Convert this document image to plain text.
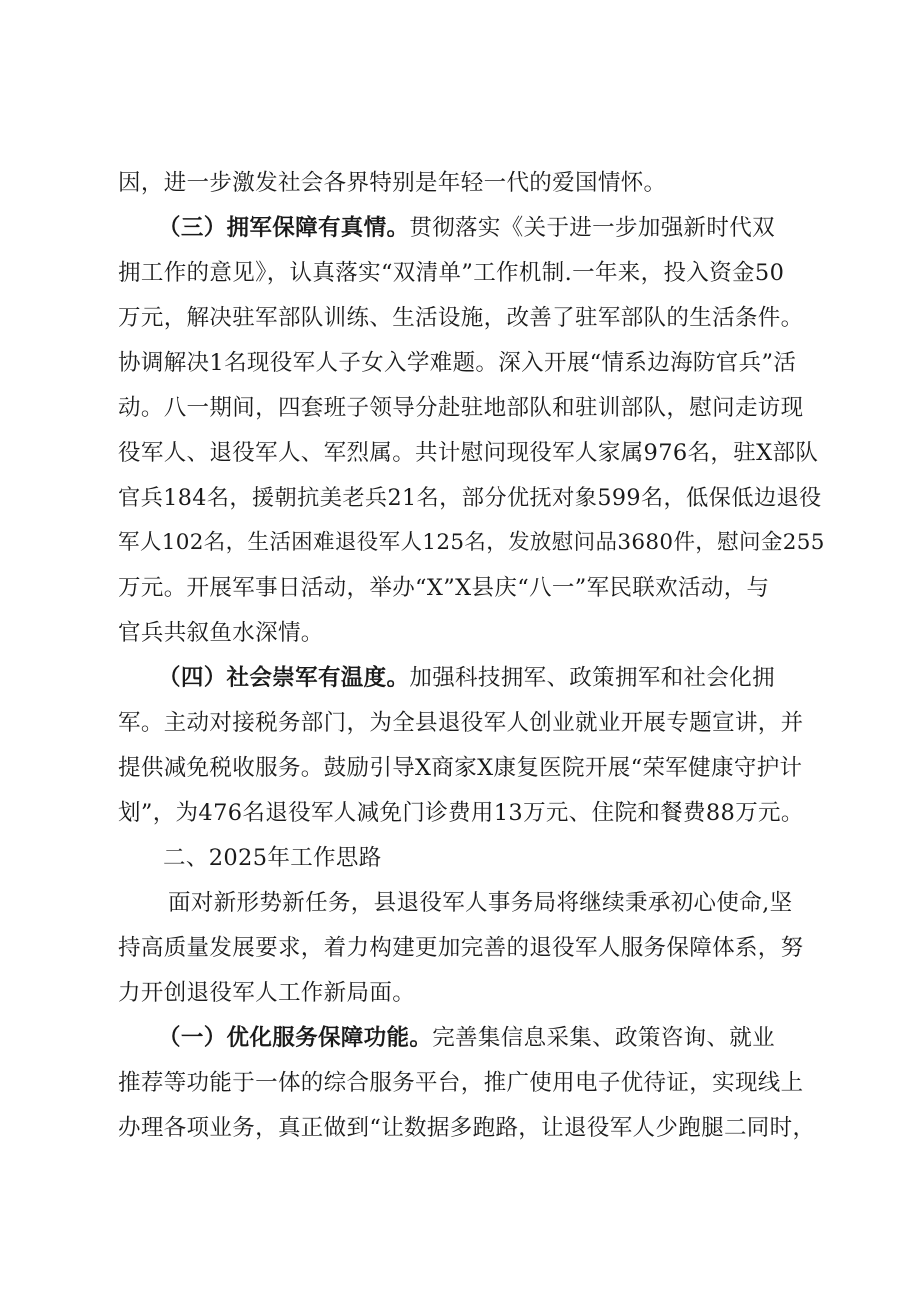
因，进一步激发社会各界特别是年轻一代的爱国情怀。
（三）拥军保障有真情。贯彻落实《关于进一步加强新时代双
拥工作的意见》，认真落实“双清单”工作机制.一年来，投入资金50
万元，解决驻军部队训练、生活设施，改善了驻军部队的生活条件。
协调解决1名现役军人子女入学难题。深入开展“情系边海防官兵”活
动。八一期间，四套班子领导分赴驻地部队和驻训部队，慰问走访现
役军人、退役军人、军烈属。共计慰问现役军人家属976名，驻X部队
官兵184名，援朝抗美老兵21名，部分优抚对象599名，低保低边退役
军人102名，生活困难退役军人125名，发放慰问品3680件，慰问金255
万元。开展军事日活动，举办“X”X县庆“八一”军民联欢活动，与
官兵共叙鱼水深情。
（四）社会崇军有温度。加强科技拥军、政策拥军和社会化拥
军。主动对接税务部门，为全县退役军人创业就业开展专题宣讲，并
提供减免税收服务。鼓励引导X商家X康复医院开展“荣军健康守护计
划”，为476名退役军人减免门诊费用13万元、住院和餐费88万元。
二、2025年工作思路
面对新形势新任务，县退役军人事务局将继续秉承初心使命,坚
持高质量发展要求，着力构建更加完善的退役军人服务保障体系，努
力开创退役军人工作新局面。
（一）优化服务保障功能。完善集信息采集、政策咨询、就业
推荐等功能于一体的综合服务平台，推广使用电子优待证，实现线上
办理各项业务，真正做到“让数据多跑路，让退役军人少跑腿二同时，
